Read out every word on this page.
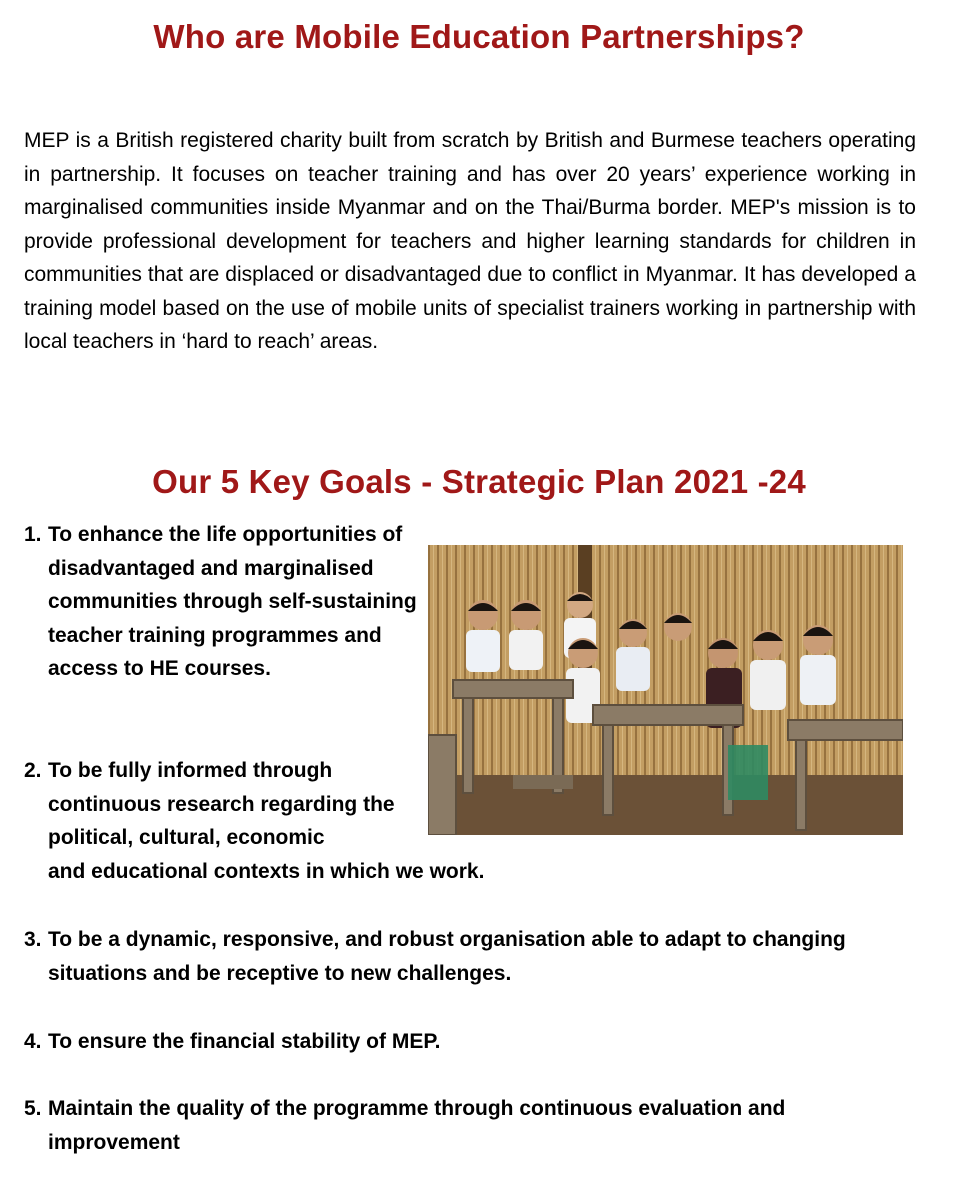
Who are Mobile Education Partnerships?

MEP is a British registered charity built from scratch by British and Burmese teachers operating in partnership. It focuses on teacher training and has over 20 years’ experience working in marginalised communities inside Myanmar and on the Thai/Burma border. MEP's mission is to provide professional development for teachers and higher learning standards for children in communities that are displaced or disadvantaged due to conflict in Myanmar. It has developed a training model based on the use of mobile units of specialist trainers working in partnership with local teachers in ‘hard to reach’ areas.

Our 5 Key Goals - Strategic Plan 2021 -24
1. To enhance the life opportunities of disadvantaged and marginalised communities through self-sustaining teacher training programmes and access to HE courses.
2. To be fully informed through continuous research regarding the political, cultural, economic
and educational contexts in which we work.
3. To be a dynamic, responsive, and robust organisation able to adapt to changing situations and be receptive to new challenges.
4. To ensure the financial stability of MEP.
5. Maintain the quality of the programme through continuous evaluation and improvement
